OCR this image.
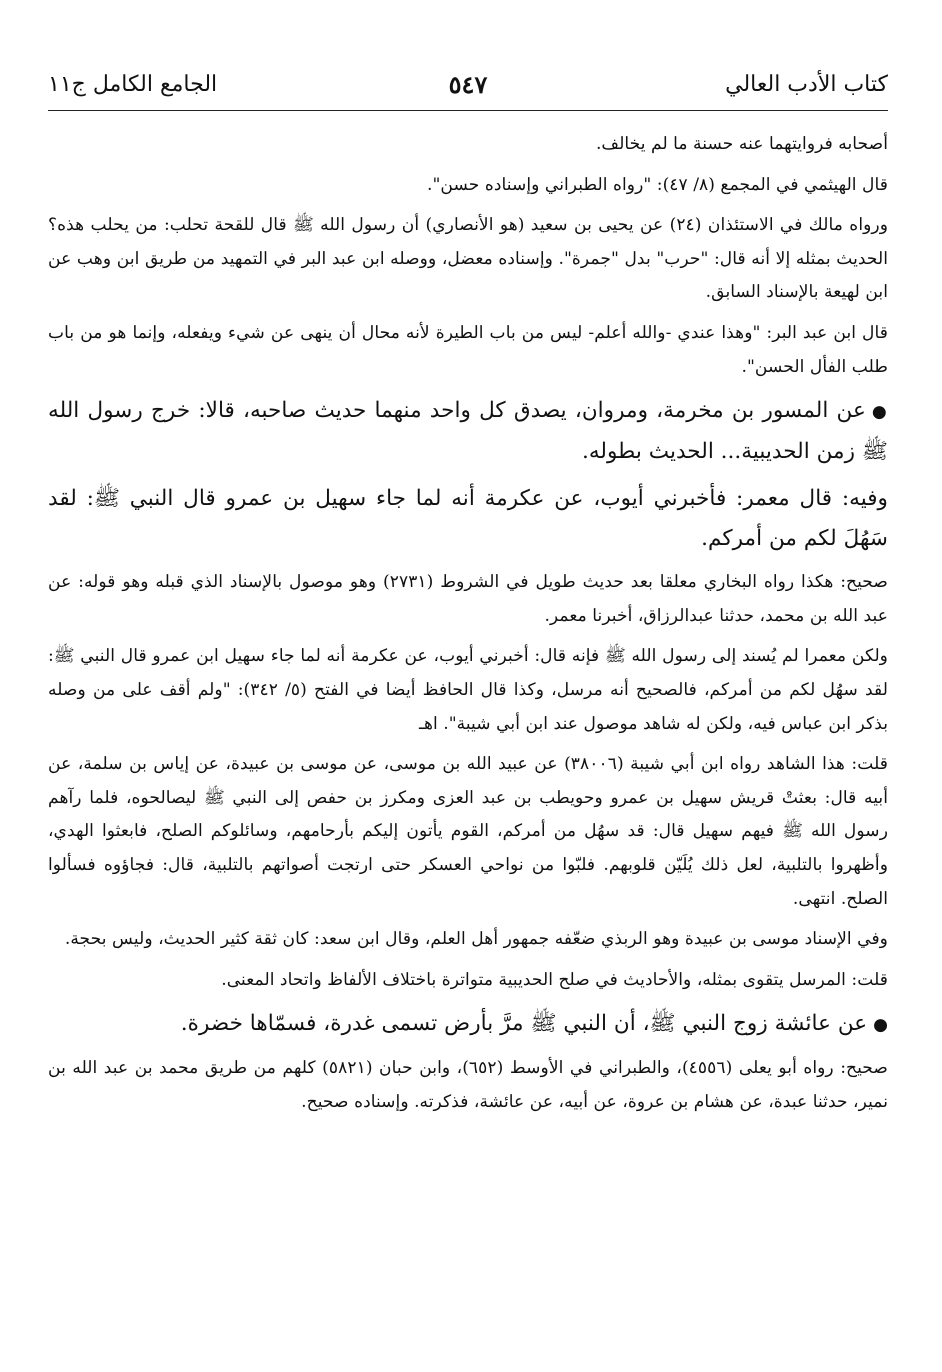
كتاب الأدب العالي
٥٤٧
الجامع الكامل ج١١

أصحابه فروايتهما عنه حسنة ما لم يخالف.

قال الهيثمي في المجمع (٨/ ٤٧): "رواه الطبراني وإسناده حسن".

ورواه مالك في الاستئذان (٢٤) عن يحيى بن سعيد (هو الأنصاري) أن رسول الله ﷺ قال للقحة تحلب: من يحلب هذه؟ الحديث بمثله إلا أنه قال: "حرب" بدل "جمرة". وإسناده معضل، ووصله ابن عبد البر في التمهيد من طريق ابن وهب عن ابن لهيعة بالإسناد السابق.

قال ابن عبد البر: "وهذا عندي -والله أعلم- ليس من باب الطيرة لأنه محال أن ينهى عن شيء ويفعله، وإنما هو من باب طلب الفأل الحسن".

●عن المسور بن مخرمة، ومروان، يصدق كل واحد منهما حديث صاحبه، قالا: خرج رسول الله ﷺ زمن الحديبية... الحديث بطوله.

وفيه: قال معمر: فأخبرني أيوب، عن عكرمة أنه لما جاء سهيل بن عمرو قال النبي ﷺ: لقد سَهُلَ لكم من أمركم.

صحيح: هكذا رواه البخاري معلقا بعد حديث طويل في الشروط (٢٧٣١) وهو موصول بالإسناد الذي قبله وهو قوله: عن عبد الله بن محمد، حدثنا عبدالرزاق، أخبرنا معمر.

ولكن معمرا لم يُسند إلى رسول الله ﷺ فإنه قال: أخبرني أيوب، عن عكرمة أنه لما جاء سهيل ابن عمرو قال النبي ﷺ: لقد سهُل لكم من أمركم، فالصحيح أنه مرسل، وكذا قال الحافظ أيضا في الفتح (٥/ ٣٤٢): "ولم أقف على من وصله بذكر ابن عباس فيه، ولكن له شاهد موصول عند ابن أبي شيبة". اهـ

قلت: هذا الشاهد رواه ابن أبي شيبة (٣٨٠٠٦) عن عبيد الله بن موسى، عن موسى بن عبيدة، عن إياس بن سلمة، عن أبيه قال: بعثتْ قريش سهيل بن عمرو وحويطب بن عبد العزى ومكرز بن حفص إلى النبي ﷺ ليصالحوه، فلما رآهم رسول الله ﷺ فيهم سهيل قال: قد سهُل من أمركم، القوم يأتون إليكم بأرحامهم، وسائلوكم الصلح، فابعثوا الهدي، وأظهروا بالتلبية، لعل ذلك يُلَيّن قلوبهم. فلبّوا من نواحي العسكر حتى ارتجت أصواتهم بالتلبية، قال: فجاؤوه فسألوا الصلح. انتهى.

وفي الإسناد موسى بن عبيدة وهو الربذي ضعّفه جمهور أهل العلم، وقال ابن سعد: كان ثقة كثير الحديث، وليس بحجة.

قلت: المرسل يتقوى بمثله، والأحاديث في صلح الحديبية متواترة باختلاف الألفاظ واتحاد المعنى.

●عن عائشة زوج النبي ﷺ، أن النبي ﷺ مرَّ بأرض تسمى غدرة، فسمّاها خضرة.

صحيح: رواه أبو يعلى (٤٥٥٦)، والطبراني في الأوسط (٦٥٢)، وابن حبان (٥٨٢١) كلهم من طريق محمد بن عبد الله بن نمير، حدثنا عبدة، عن هشام بن عروة، عن أبيه، عن عائشة، فذكرته. وإسناده صحيح.
